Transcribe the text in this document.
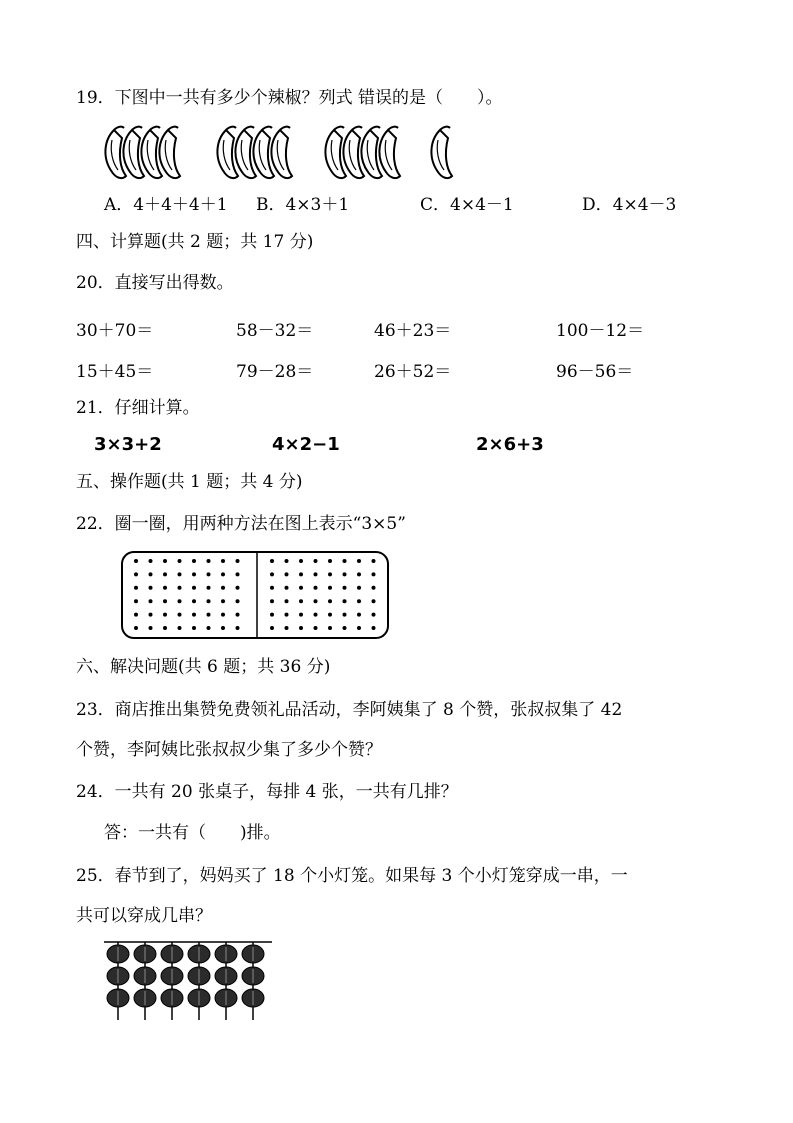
19．下图中一共有多少个辣椒？列式 错误的是（　　）。
A．4＋4＋4＋1 B．4×3＋1	C．4×4－1	D．4×4－3
四、计算题(共 2 题；共 17 分)
20．直接写出得数。
30＋70＝	58－32＝	46＋23＝	100－12＝
15＋45＝	79－28＝	26＋52＝	96－56＝
21．仔细计算。
3×3+2	4×2−1	2×6+3
五、操作题(共 1 题；共 4 分)
22．圈一圈，用两种方法在图上表示“3×5”
六、解决问题(共 6 题；共 36 分)
23．商店推出集赞免费领礼品活动，李阿姨集了 8 个赞，张叔叔集了 42
个赞，李阿姨比张叔叔少集了多少个赞？
24．一共有 20 张桌子，每排 4 张，一共有几排？
答：一共有（　　)排。
25．春节到了，妈妈买了 18 个小灯笼。如果每 3 个小灯笼穿成一串，一
共可以穿成几串？
